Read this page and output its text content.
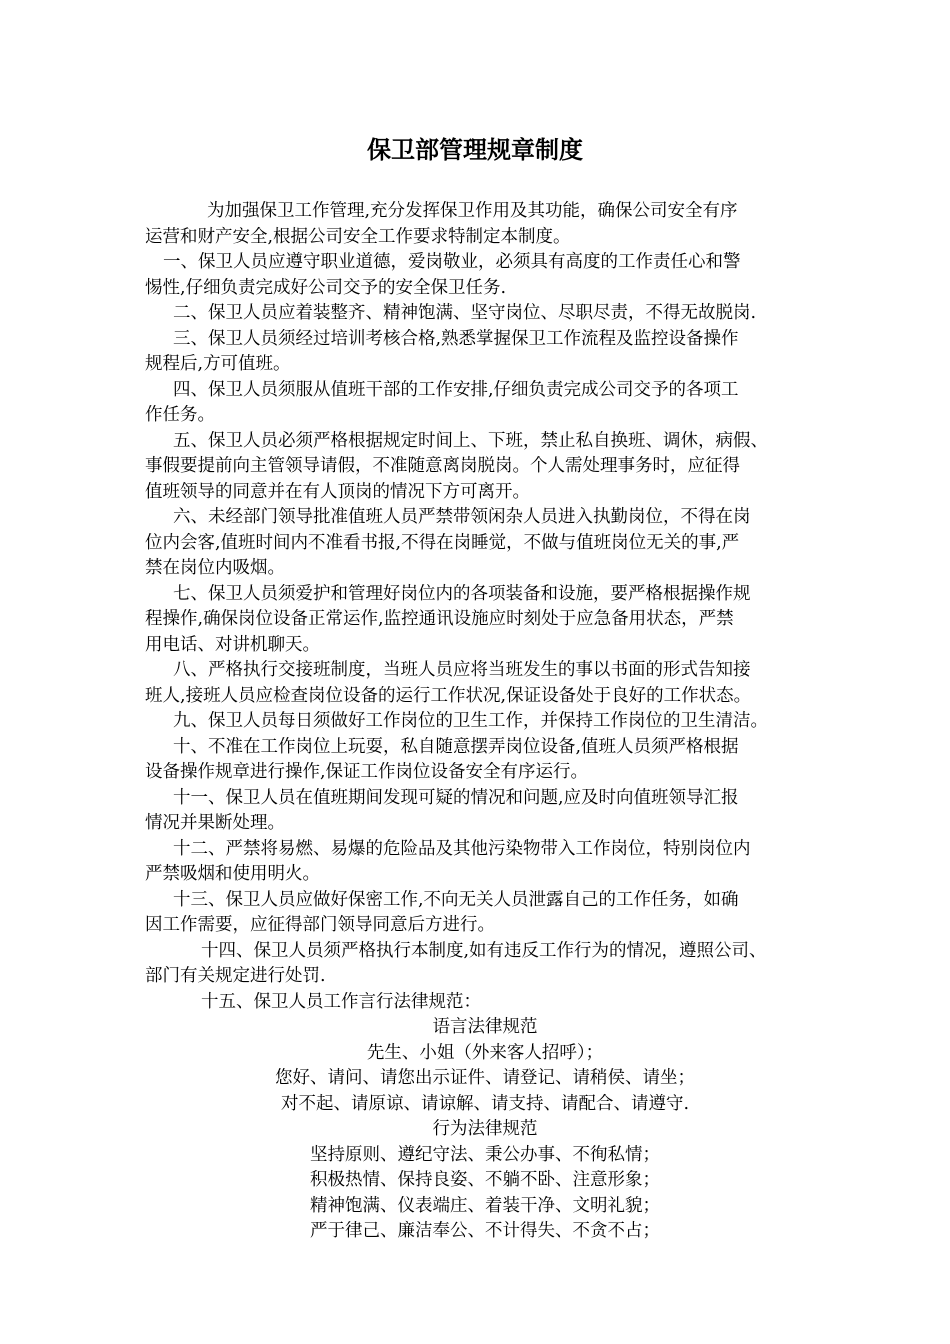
保卫部管理规章制度
为加强保卫工作管理,充分发挥保卫作用及其功能，确保公司安全有序
运营和财产安全,根据公司安全工作要求特制定本制度。
一、保卫人员应遵守职业道德，爱岗敬业，必须具有高度的工作责任心和警
惕性,仔细负责完成好公司交予的安全保卫任务.
二、保卫人员应着装整齐、精神饱满、坚守岗位、尽职尽责，不得无故脱岗.
三、保卫人员须经过培训考核合格,熟悉掌握保卫工作流程及监控设备操作
规程后,方可值班。
四、保卫人员须服从值班干部的工作安排,仔细负责完成公司交予的各项工
作任务。
五、保卫人员必须严格根据规定时间上、下班，禁止私自换班、调休，病假、
事假要提前向主管领导请假，不准随意离岗脱岗。个人需处理事务时，应征得
值班领导的同意并在有人顶岗的情况下方可离开。
六、未经部门领导批准值班人员严禁带领闲杂人员进入执勤岗位，不得在岗
位内会客,值班时间内不准看书报,不得在岗睡觉，不做与值班岗位无关的事,严
禁在岗位内吸烟。
七、保卫人员须爱护和管理好岗位内的各项装备和设施，要严格根据操作规
程操作,确保岗位设备正常运作,监控通讯设施应时刻处于应急备用状态，严禁
用电话、对讲机聊天。
八、严格执行交接班制度，当班人员应将当班发生的事以书面的形式告知接
班人,接班人员应检查岗位设备的运行工作状况,保证设备处于良好的工作状态。
九、保卫人员每日须做好工作岗位的卫生工作，并保持工作岗位的卫生清洁。
十、不准在工作岗位上玩耍，私自随意摆弄岗位设备,值班人员须严格根据
设备操作规章进行操作,保证工作岗位设备安全有序运行。
十一、保卫人员在值班期间发现可疑的情况和问题,应及时向值班领导汇报
情况并果断处理。
十二、严禁将易燃、易爆的危险品及其他污染物带入工作岗位，特别岗位内
严禁吸烟和使用明火。
十三、保卫人员应做好保密工作,不向无关人员泄露自己的工作任务，如确
因工作需要，应征得部门领导同意后方进行。
十四、保卫人员须严格执行本制度,如有违反工作行为的情况，遵照公司、
部门有关规定进行处罚.
十五、保卫人员工作言行法律规范：
语言法律规范
先生、小姐（外来客人招呼）；
您好、请问、请您出示证件、请登记、请稍侯、请坐；
对不起、请原谅、请谅解、请支持、请配合、请遵守.
行为法律规范
坚持原则、遵纪守法、秉公办事、不徇私情；
积极热情、保持良姿、不躺不卧、注意形象；
精神饱满、仪表端庄、着装干净、文明礼貌；
严于律己、廉洁奉公、不计得失、不贪不占；
